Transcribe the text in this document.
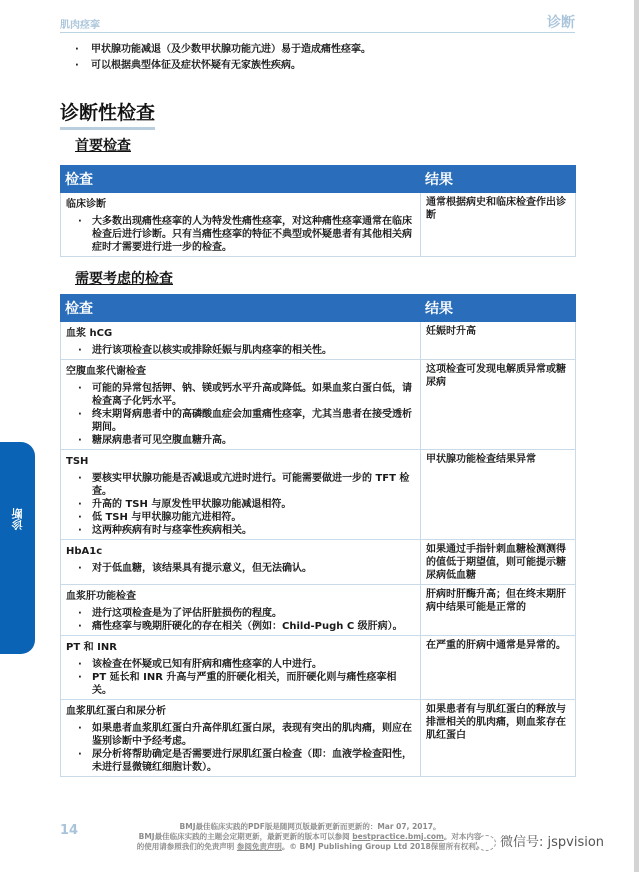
肌肉痉挛	诊断
· 甲状腺功能减退（及少数甲状腺功能亢进）易于造成痛性痉挛。
· 可以根据典型体征及症状怀疑有无家族性疾病。
诊断性检查
首要检查
检查	结果

临床诊断
· 大多数出现痛性痉挛的人为特发性痛性痉挛，对这种痛性痉挛通常在临床检查后进行诊断。只有当痛性痉挛的特征不典型或怀疑患者有其他相关病症时才需要进行进一步的检查。
	通常根据病史和临床检查作出诊断
需要考虑的检查
检查	结果

血浆 hCG
· 进行该项检查以核实或排除妊娠与肌肉痉挛的相关性。
	妊娠时升高

空腹血浆代谢检查
· 可能的异常包括钾、钠、镁或钙水平升高或降低。如果血浆白蛋白低，请检查离子化钙水平。
· 终末期肾病患者中的高磷酸血症会加重痛性痉挛，尤其当患者在接受透析期间。
· 糖尿病患者可见空腹血糖升高。
	这项检查可发现电解质异常或糖尿病

TSH
· 要核实甲状腺功能是否减退或亢进时进行。可能需要做进一步的 TFT 检查。
· 升高的 TSH 与原发性甲状腺功能减退相符。
· 低 TSH 与甲状腺功能亢进相符。
· 这两种疾病有时与痉挛性疾病相关。
	甲状腺功能检查结果异常

HbA1c
· 对于低血糖，该结果具有提示意义，但无法确认。
	如果通过手指针刺血糖检测测得的值低于期望值，则可能提示糖尿病低血糖

血浆肝功能检查
· 进行这项检查是为了评估肝脏损伤的程度。
· 痛性痉挛与晚期肝硬化的存在相关（例如：Child-Pugh C 级肝病）。
	肝病时肝酶升高；但在终末期肝病中结果可能是正常的

PT 和 INR
· 该检查在怀疑或已知有肝病和痛性痉挛的人中进行。
· PT 延长和 INR 升高与严重的肝硬化相关，而肝硬化则与痛性痉挛相关。
	在严重的肝病中通常是异常的。

血浆肌红蛋白和尿分析
· 如果患者血浆肌红蛋白升高伴肌红蛋白尿，表现有突出的肌肉痛，则应在鉴别诊断中予经考虑。
· 尿分析将帮助确定是否需要进行尿肌红蛋白检查（即：血液学检查阳性，未进行显微镜红细胞计数）。
	如果患者有与肌红蛋白的释放与排泄相关的肌肉痛，则血浆存在肌红蛋白
诊断
14	BMJ最佳临床实践的PDF版是随网页版最新更新而更新的：Mar 07, 2017。
BMJ最佳临床实践的主题会定期更新，最新更新的版本可以参阅 bestpractice.bmj.com。对本内容
的使用请参照我们的免责声明 参阅免责声明。© BMJ Publishing Group Ltd 2018保留所有权利。	微信号: jspvision
